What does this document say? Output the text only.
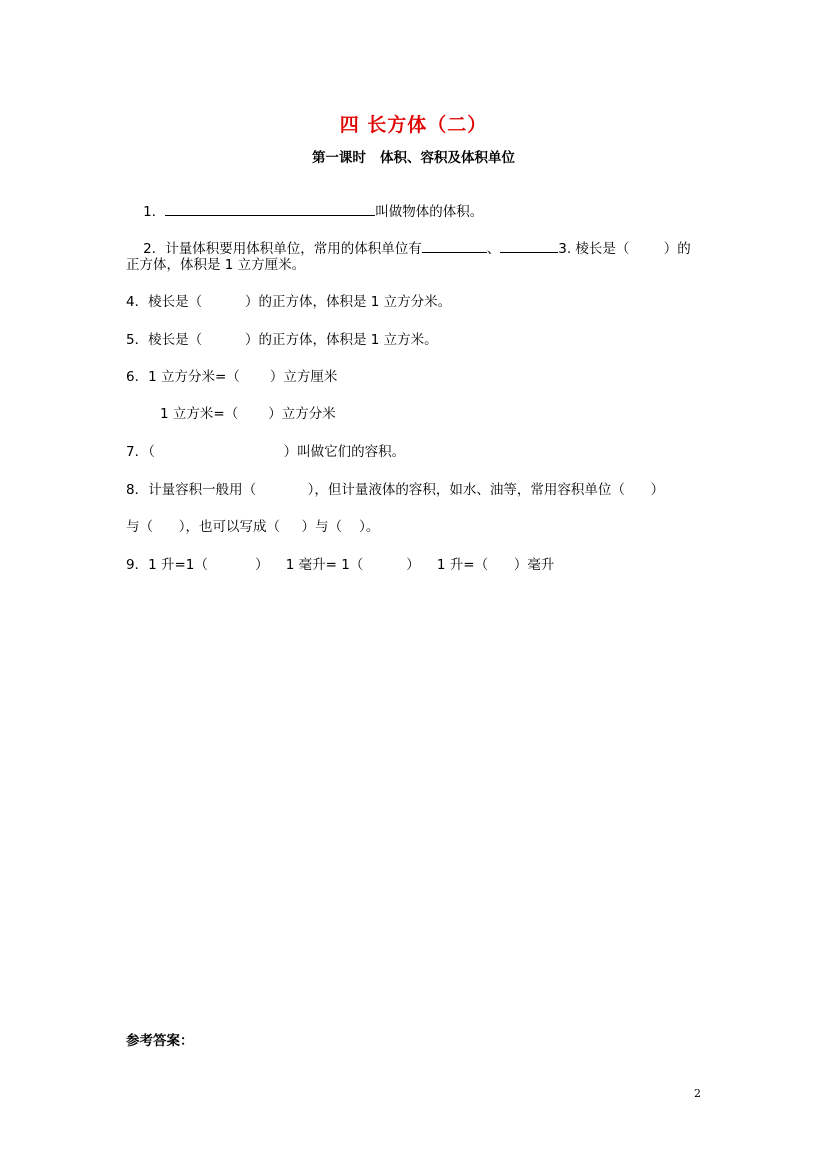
四 长方体（二）
第一课时   体积、容积及体积单位

1．	叫做物体的体积。

2．计量体积要用体积单位，常用的体积单位有	、	3. 棱长是（        ）的

正方体，体积是 1 立方厘米。
4．棱长是（          ）的正方体，体积是 1 立方分米。
5．棱长是（          ）的正方体，体积是 1 立方米。
6．1 立方分米=（       ）立方厘米
1 立方米=（       ）立方分米
7．（                              ）叫做它们的容积。
8．计量容积一般用（            ），但计量液体的容积，如水、油等，常用容积单位（      ）
与（      ），也可以写成（     ）与（    ）。
9．1 升=1（           ）    1 毫升= 1（          ）    1 升=（      ）毫升
参考答案：
2
